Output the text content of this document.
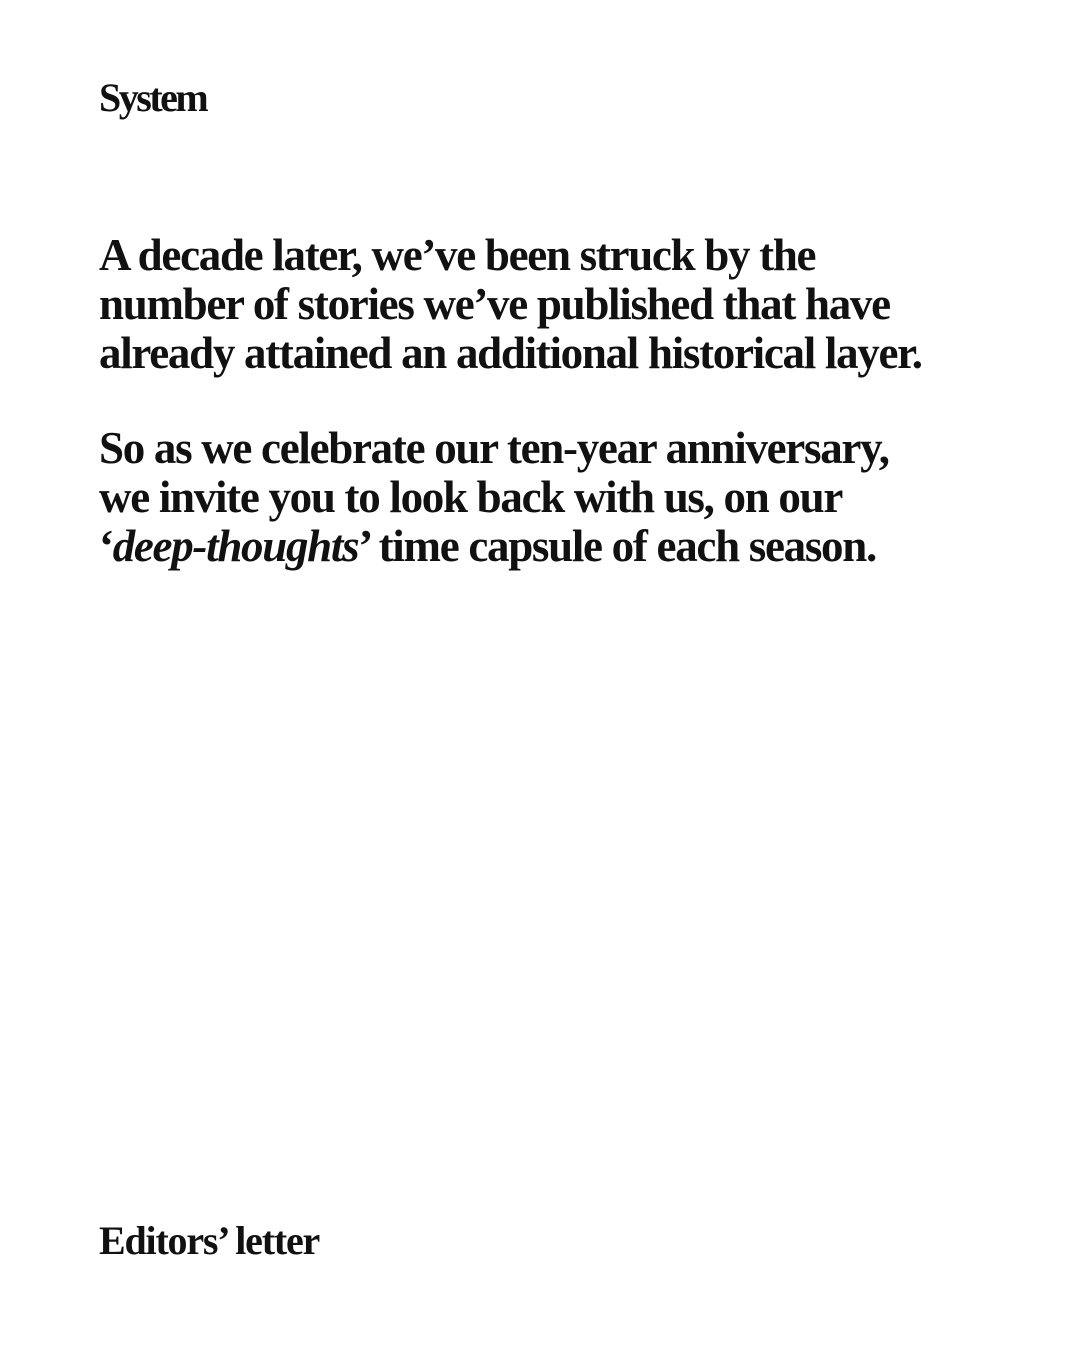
System

A decade later, we’ve been struck by the
number of stories we’ve published that have
already attained an additional historical layer.

So as we celebrate our ten-year anniversary,
we invite you to look back with us, on our
‘deep-thoughts’ time capsule of each season.

Editors’ letter
